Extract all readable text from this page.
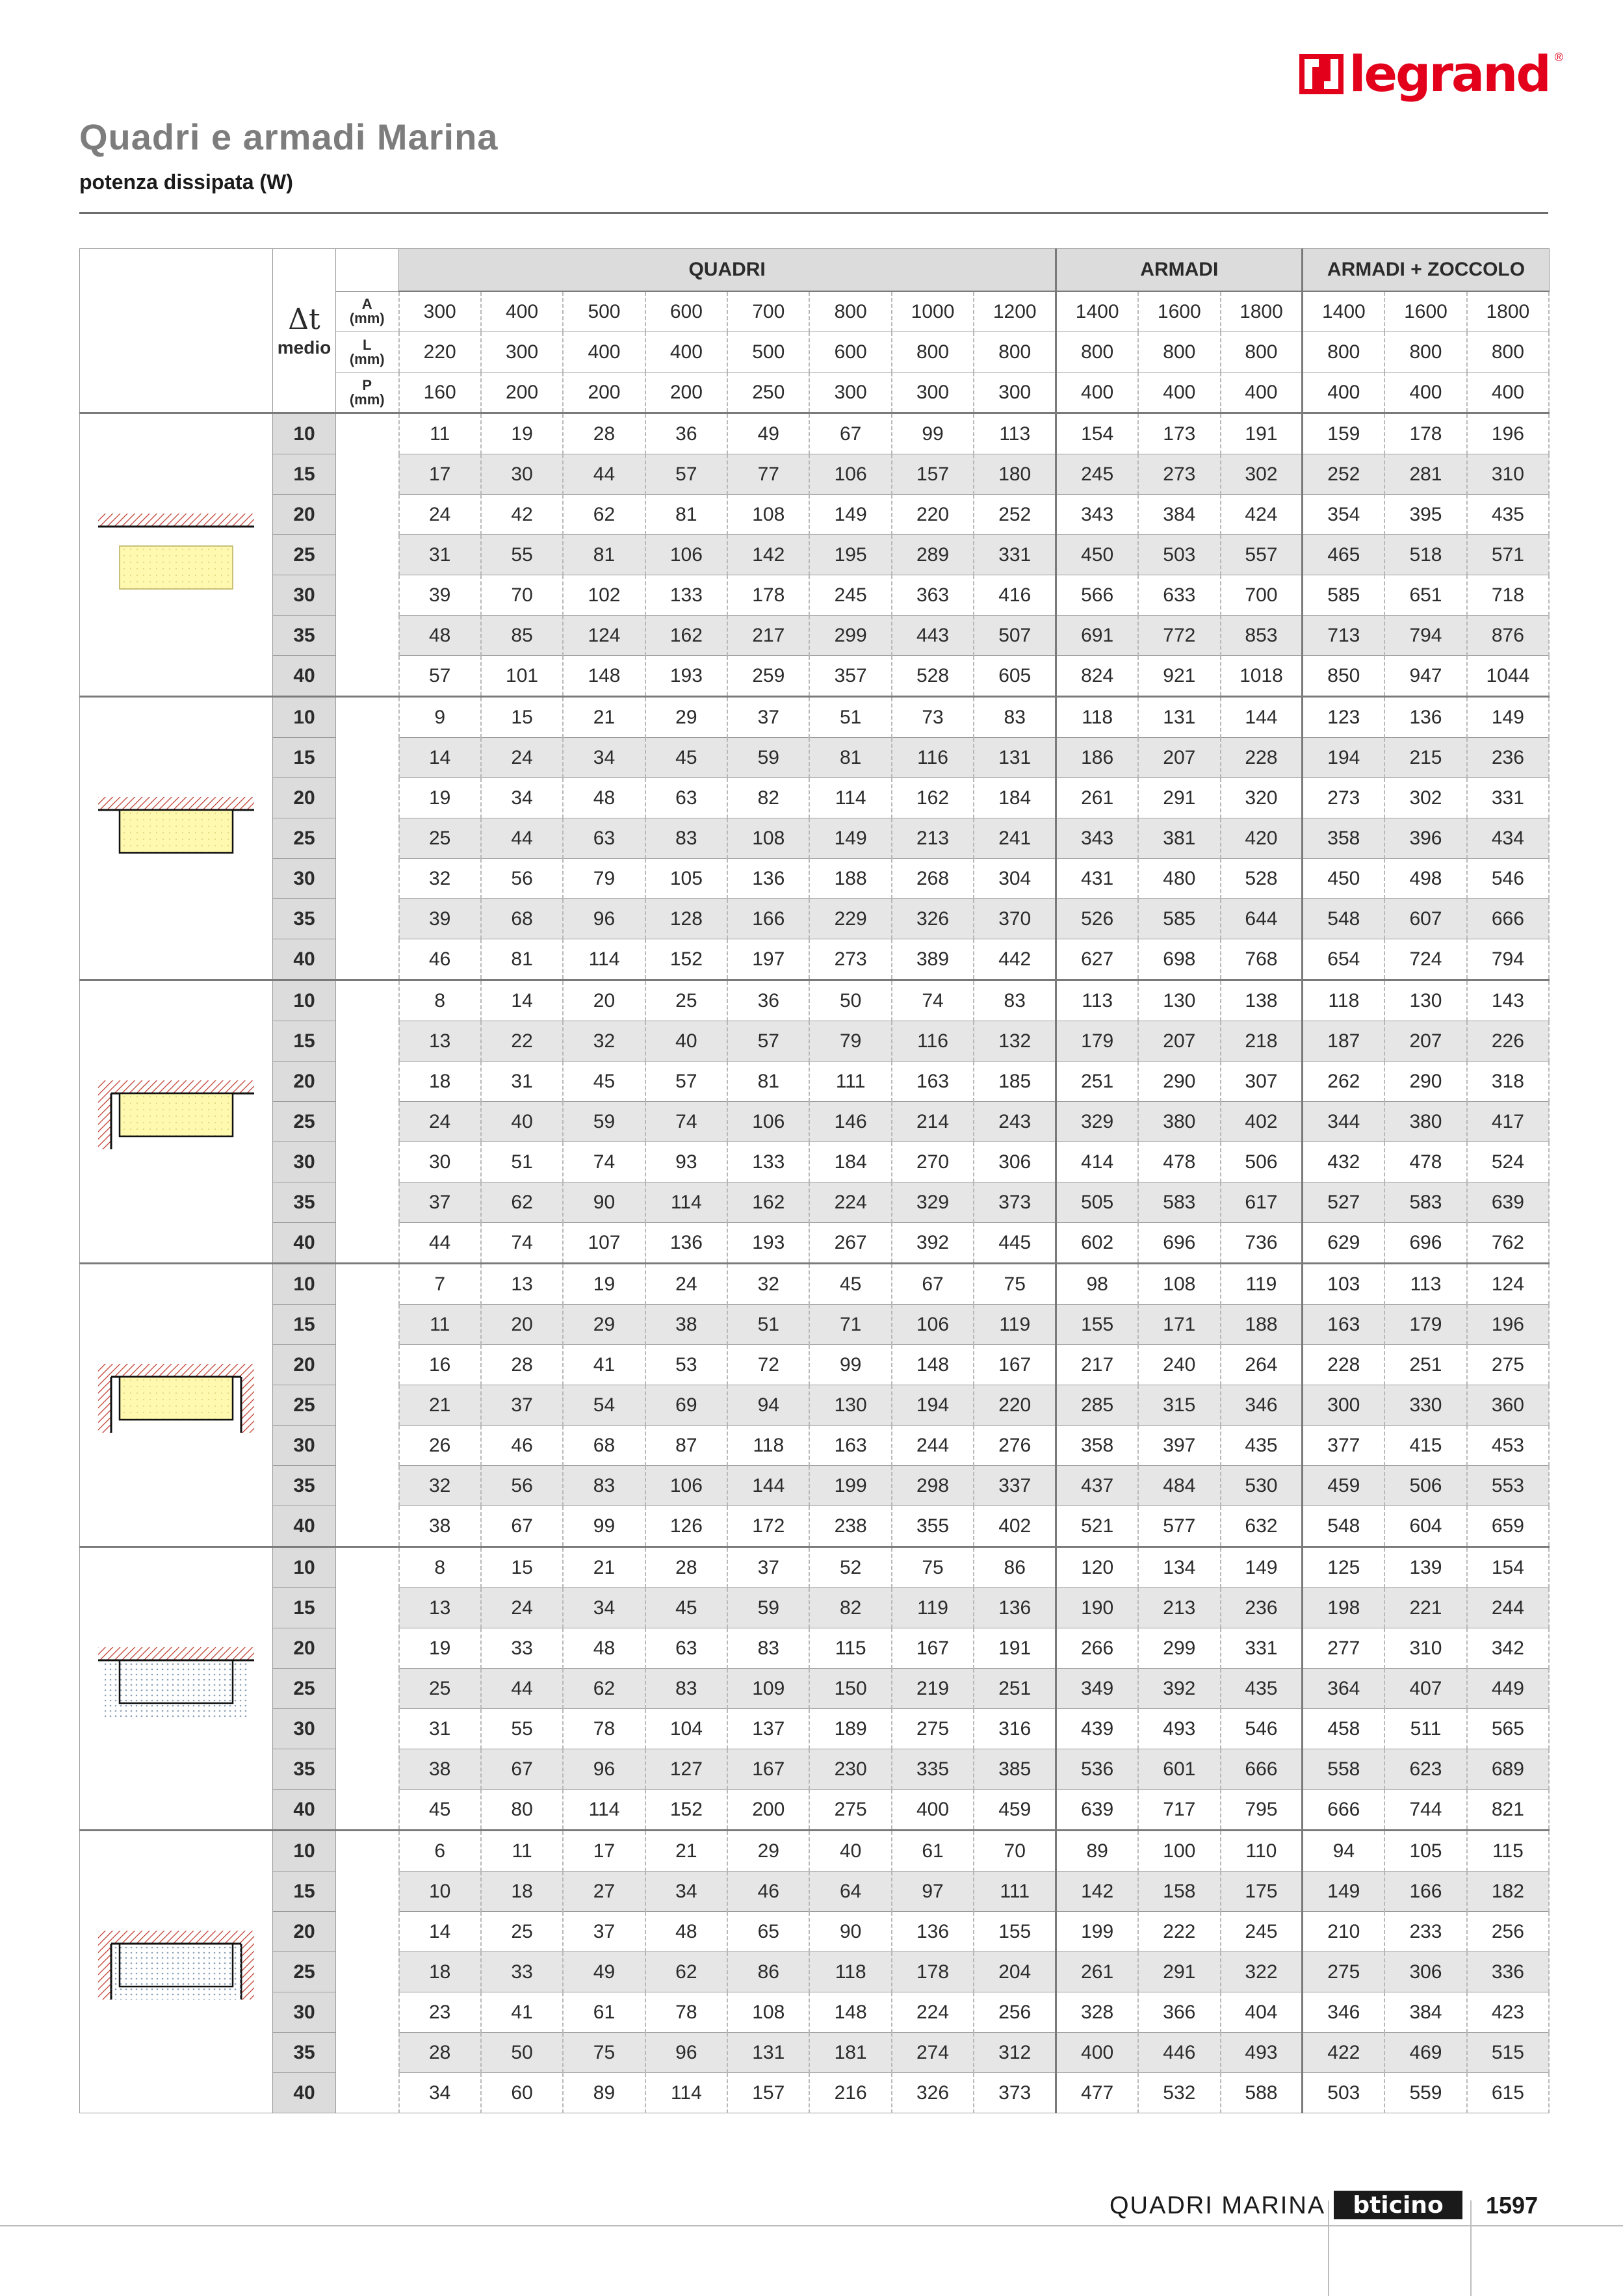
legrand ®
Quadri e armadi Marina
potenza dissipata (W)
	Δt
medio		QUADRI								ARMADI			ARMADI + ZOCCOLO		

		A
(mm)	300	400	500	600	700	800	1000	1200	1400	1600	1800	1400	1600	1800

		L
(mm)	220	300	400	400	500	600	800	800	800	800	800	800	800	800

		P
(mm)	160	200	200	200	250	300	300	300	400	400	400	400	400	400
	10		11	19	28	36	49	67	99	113	154	173	191	159	178	196
	15		17	30	44	57	77	106	157	180	245	273	302	252	281	310
	20		24	42	62	81	108	149	220	252	343	384	424	354	395	435
	25		31	55	81	106	142	195	289	331	450	503	557	465	518	571
	30		39	70	102	133	178	245	363	416	566	633	700	585	651	718
	35		48	85	124	162	217	299	443	507	691	772	853	713	794	876
	40		57	101	148	193	259	357	528	605	824	921	1018	850	947	1044
	10		9	15	21	29	37	51	73	83	118	131	144	123	136	149
	15		14	24	34	45	59	81	116	131	186	207	228	194	215	236
	20		19	34	48	63	82	114	162	184	261	291	320	273	302	331
	25		25	44	63	83	108	149	213	241	343	381	420	358	396	434
	30		32	56	79	105	136	188	268	304	431	480	528	450	498	546
	35		39	68	96	128	166	229	326	370	526	585	644	548	607	666
	40		46	81	114	152	197	273	389	442	627	698	768	654	724	794
	10		8	14	20	25	36	50	74	83	113	130	138	118	130	143
	15		13	22	32	40	57	79	116	132	179	207	218	187	207	226
	20		18	31	45	57	81	111	163	185	251	290	307	262	290	318
	25		24	40	59	74	106	146	214	243	329	380	402	344	380	417
	30		30	51	74	93	133	184	270	306	414	478	506	432	478	524
	35		37	62	90	114	162	224	329	373	505	583	617	527	583	639
	40		44	74	107	136	193	267	392	445	602	696	736	629	696	762
	10		7	13	19	24	32	45	67	75	98	108	119	103	113	124
	15		11	20	29	38	51	71	106	119	155	171	188	163	179	196
	20		16	28	41	53	72	99	148	167	217	240	264	228	251	275
	25		21	37	54	69	94	130	194	220	285	315	346	300	330	360
	30		26	46	68	87	118	163	244	276	358	397	435	377	415	453
	35		32	56	83	106	144	199	298	337	437	484	530	459	506	553
	40		38	67	99	126	172	238	355	402	521	577	632	548	604	659
	10		8	15	21	28	37	52	75	86	120	134	149	125	139	154
	15		13	24	34	45	59	82	119	136	190	213	236	198	221	244
	20		19	33	48	63	83	115	167	191	266	299	331	277	310	342
	25		25	44	62	83	109	150	219	251	349	392	435	364	407	449
	30		31	55	78	104	137	189	275	316	439	493	546	458	511	565
	35		38	67	96	127	167	230	335	385	536	601	666	558	623	689
	40		45	80	114	152	200	275	400	459	639	717	795	666	744	821
	10		6	11	17	21	29	40	61	70	89	100	110	94	105	115
	15		10	18	27	34	46	64	97	111	142	158	175	149	166	182
	20		14	25	37	48	65	90	136	155	199	222	245	210	233	256
	25		18	33	49	62	86	118	178	204	261	291	322	275	306	336
	30		23	41	61	78	108	148	224	256	328	366	404	346	384	423
	35		28	50	75	96	131	181	274	312	400	446	493	422	469	515
	40		34	60	89	114	157	216	326	373	477	532	588	503	559	615
QUADRI MARINA bticino 1597
